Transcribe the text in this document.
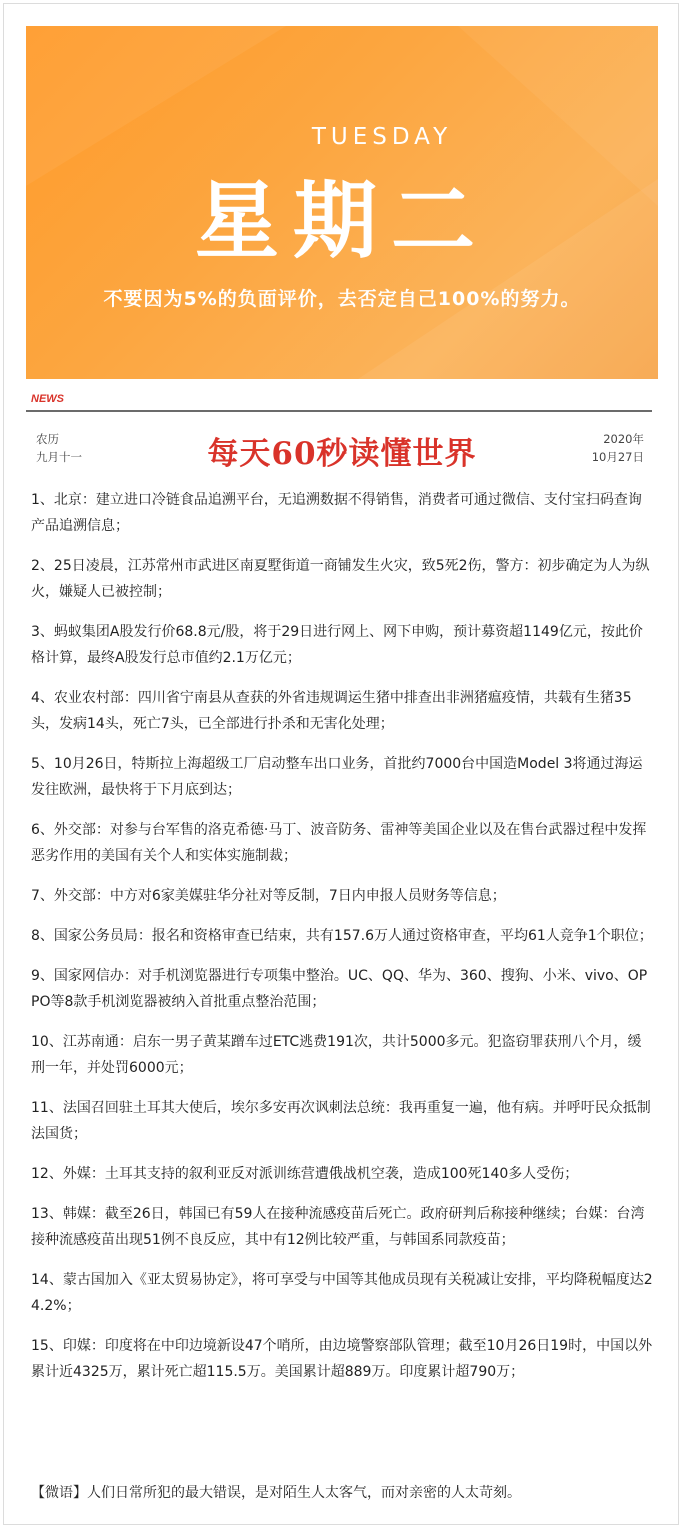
TUESDAY
星期二
不要因为5%的负面评价，去否定自己100%的努力。
NEWS
农历
九月十一	每天60秒读懂世界	2020年
10月27日

1、北京：建立进口冷链食品追溯平台，无追溯数据不得销售，消费者可通过微信、支付宝扫码查询产品追溯信息；

2、25日凌晨，江苏常州市武进区南夏墅街道一商铺发生火灾，致5死2伤，警方：初步确定为人为纵火，嫌疑人已被控制；

3、蚂蚁集团A股发行价68.8元/股，将于29日进行网上、网下申购，预计募资超1149亿元，按此价格计算，最终A股发行总市值约2.1万亿元；

4、农业农村部：四川省宁南县从查获的外省违规调运生猪中排查出非洲猪瘟疫情，共载有生猪35头，发病14头，死亡7头，已全部进行扑杀和无害化处理；

5、10月26日，特斯拉上海超级工厂启动整车出口业务，首批约7000台中国造Model 3将通过海运发往欧洲，最快将于下月底到达；

6、外交部：对参与台军售的洛克希德·马丁、波音防务、雷神等美国企业以及在售台武器过程中发挥恶劣作用的美国有关个人和实体实施制裁；

7、外交部：中方对6家美媒驻华分社对等反制，7日内申报人员财务等信息；

8、国家公务员局：报名和资格审查已结束，共有157.6万人通过资格审查，平均61人竞争1个职位；

9、国家网信办：对手机浏览器进行专项集中整治。UC、QQ、华为、360、搜狗、小米、vivo、OPPO等8款手机浏览器被纳入首批重点整治范围；

10、江苏南通：启东一男子黄某蹭车过ETC逃费191次，共计5000多元。犯盗窃罪获刑八个月，缓刑一年，并处罚6000元；

11、法国召回驻土耳其大使后，埃尔多安再次讽刺法总统：我再重复一遍，他有病。并呼吁民众抵制法国货；

12、外媒：土耳其支持的叙利亚反对派训练营遭俄战机空袭，造成100死140多人受伤；

13、韩媒：截至26日，韩国已有59人在接种流感疫苗后死亡。政府研判后称接种继续；台媒：台湾接种流感疫苗出现51例不良反应，其中有12例比较严重，与韩国系同款疫苗；

14、蒙古国加入《亚太贸易协定》，将可享受与中国等其他成员现有关税减让安排，平均降税幅度达24.2%；

15、印媒：印度将在中印边境新设47个哨所，由边境警察部队管理；截至10月26日19时，中国以外累计近4325万，累计死亡超115.5万。美国累计超889万。印度累计超790万；

【微语】人们日常所犯的最大错误，是对陌生人太客气，而对亲密的人太苛刻。
